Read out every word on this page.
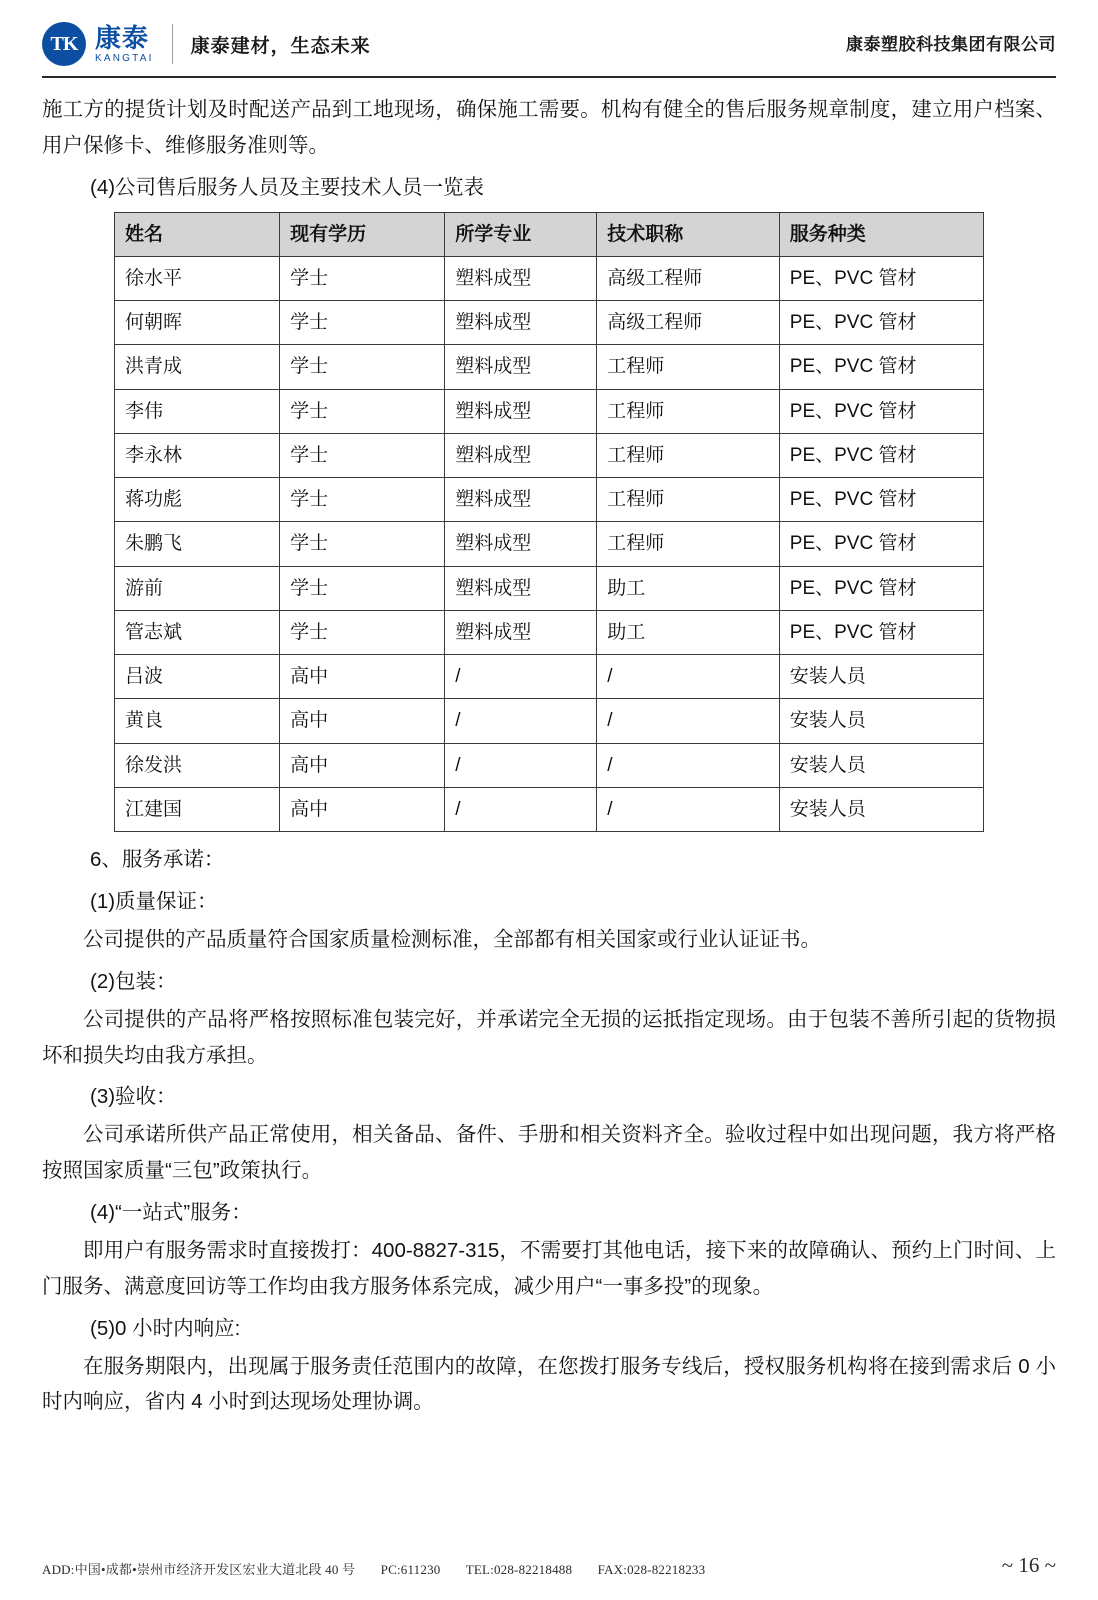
TK 康泰
KANGTAI
康泰建材，生态未来	康泰塑胶科技集团有限公司

施工方的提货计划及时配送产品到工地现场，确保施工需要。机构有健全的售后服务规章制度，建立用户档案、用户保修卡、维修服务准则等。

(4)公司售后服务人员及主要技术人员一览表

姓名	现有学历	所学专业	技术职称	服务种类
徐水平	学士	塑料成型	高级工程师	PE、PVC 管材
何朝晖	学士	塑料成型	高级工程师	PE、PVC 管材
洪青成	学士	塑料成型	工程师	PE、PVC 管材
李伟	学士	塑料成型	工程师	PE、PVC 管材
李永林	学士	塑料成型	工程师	PE、PVC 管材
蒋功彪	学士	塑料成型	工程师	PE、PVC 管材
朱鹏飞	学士	塑料成型	工程师	PE、PVC 管材
游前	学士	塑料成型	助工	PE、PVC 管材
管志斌	学士	塑料成型	助工	PE、PVC 管材
吕波	高中	/	/	安装人员
黄良	高中	/	/	安装人员
徐发洪	高中	/	/	安装人员
江建国	高中	/	/	安装人员

6、服务承诺：

(1)质量保证：

公司提供的产品质量符合国家质量检测标准，全部都有相关国家或行业认证证书。

(2)包装：

公司提供的产品将严格按照标准包装完好，并承诺完全无损的运抵指定现场。由于包装不善所引起的货物损坏和损失均由我方承担。

(3)验收：

公司承诺所供产品正常使用，相关备品、备件、手册和相关资料齐全。验收过程中如出现问题，我方将严格按照国家质量“三包”政策执行。

(4)“一站式”服务：

即用户有服务需求时直接拨打：400-8827-315，不需要打其他电话，接下来的故障确认、预约上门时间、上门服务、满意度回访等工作均由我方服务体系完成，减少用户“一事多投”的现象。

(5)0 小时内响应:

在服务期限内，出现属于服务责任范围内的故障，在您拨打服务专线后，授权服务机构将在接到需求后 0 小时内响应，省内 4 小时到达现场处理协调。

ADD:中国•成都•崇州市经济开发区宏业大道北段 40 号 PC:611230 TEL:028-82218488 FAX:028-82218233	~ 16 ~
